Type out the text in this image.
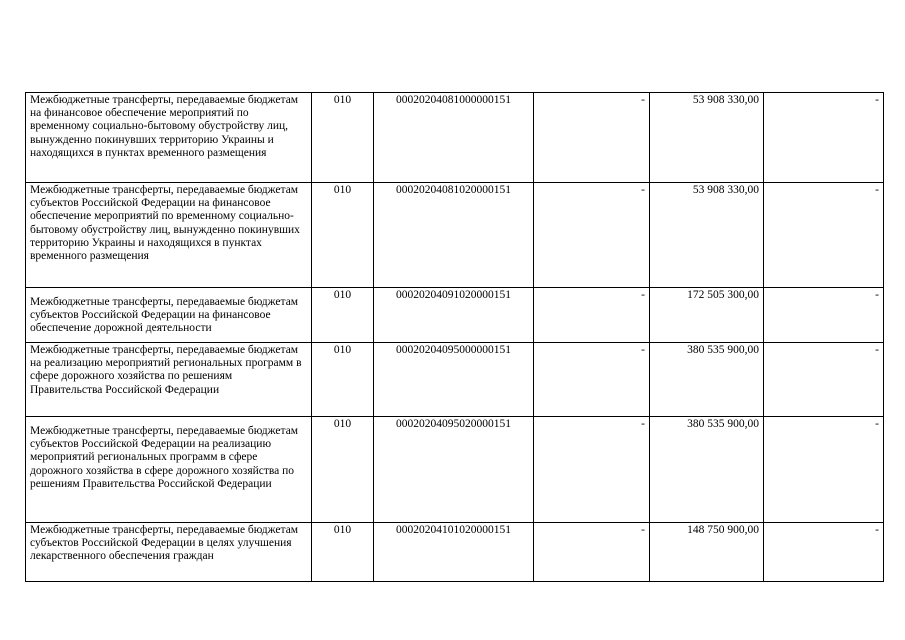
Межбюджетные трансферты, передаваемые бюджетам на финансовое обеспечение мероприятий по временному социально-бытовому обустройству лиц, вынужденно покинувших территорию Украины и находящихся в пунктах временного размещения	010	00020204081000000151	-	53 908 330,00	-
Межбюджетные трансферты, передаваемые бюджетам субъектов Российской Федерации на финансовое обеспечение мероприятий по временному социально-бытовому обустройству лиц, вынужденно покинувших территорию Украины и находящихся в пунктах временного размещения	010	00020204081020000151	-	53 908 330,00	-
Межбюджетные трансферты, передаваемые бюджетам субъектов Российской Федерации на финансовое обеспечение дорожной деятельности	010	00020204091020000151	-	172 505 300,00	-
Межбюджетные трансферты, передаваемые бюджетам на реализацию мероприятий региональных программ в сфере дорожного хозяйства по решениям Правительства Российской Федерации	010	00020204095000000151	-	380 535 900,00	-
Межбюджетные трансферты, передаваемые бюджетам субъектов Российской Федерации на реализацию мероприятий региональных программ в сфере дорожного хозяйства в сфере дорожного хозяйства по решениям Правительства Российской Федерации	010	00020204095020000151	-	380 535 900,00	-
Межбюджетные трансферты, передаваемые бюджетам субъектов Российской Федерации в целях улучшения лекарственного обеспечения граждан	010	00020204101020000151	-	148 750 900,00	-
